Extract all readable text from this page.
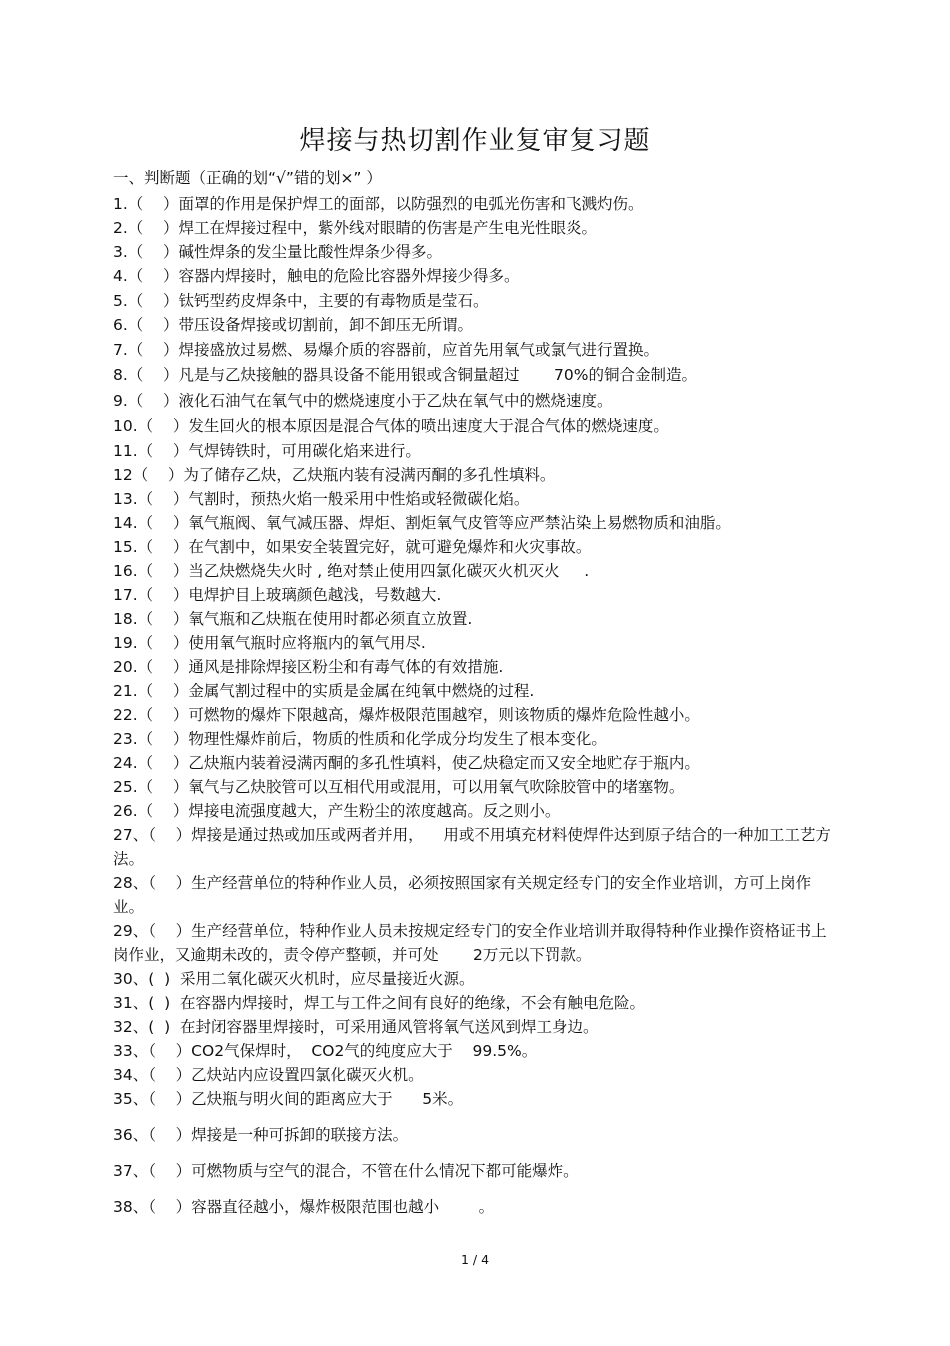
焊接与热切割作业复审复习题
一、判断题（正确的划“√”错的划×” ）
1.（    ）面罩的作用是保护焊工的面部，以防强烈的电弧光伤害和飞溅灼伤。
2.（    ）焊工在焊接过程中，紫外线对眼睛的伤害是产生电光性眼炎。
3.（    ）碱性焊条的发尘量比酸性焊条少得多。
4.（    ）容器内焊接时，触电的危险比容器外焊接少得多。
5.（    ）钛钙型药皮焊条中，主要的有毒物质是莹石。
6.（    ）带压设备焊接或切割前，卸不卸压无所谓。
7.（    ）焊接盛放过易燃、易爆介质的容器前，应首先用氧气或氯气进行置换。
8.（    ）凡是与乙炔接触的器具设备不能用银或含铜量超过       70%的铜合金制造。
9.（    ）液化石油气在氧气中的燃烧速度小于乙炔在氧气中的燃烧速度。
10.（    ）发生回火的根本原因是混合气体的喷出速度大于混合气体的燃烧速度。
11.（    ）气焊铸铁时，可用碳化焰来进行。
12（    ）为了储存乙炔，乙炔瓶内装有浸满丙酮的多孔性填料。
13.（    ）气割时，预热火焰一般采用中性焰或轻微碳化焰。
14.（    ）氧气瓶阀、氧气减压器、焊炬、割炬氧气皮管等应严禁沾染上易燃物质和油脂。
15.（    ）在气割中，如果安全装置完好，就可避免爆炸和火灾事故。
16.（    ）当乙炔燃烧失火时 , 绝对禁止使用四氯化碳灭火机灭火     .
17.（    ）电焊护目上玻璃颜色越浅，号数越大.
18.（    ）氧气瓶和乙炔瓶在使用时都必须直立放置.
19.（    ）使用氧气瓶时应将瓶内的氧气用尽.
20.（    ）通风是排除焊接区粉尘和有毒气体的有效措施.
21.（    ）金属气割过程中的实质是金属在纯氧中燃烧的过程.
22.（    ）可燃物的爆炸下限越高，爆炸极限范围越窄，则该物质的爆炸危险性越小。
23.（    ）物理性爆炸前后，物质的性质和化学成分均发生了根本变化。
24.（    ）乙炔瓶内装着浸满丙酮的多孔性填料，使乙炔稳定而又安全地贮存于瓶内。
25.（    ）氧气与乙炔胶管可以互相代用或混用，可以用氧气吹除胶管中的堵塞物。
26.（    ）焊接电流强度越大，产生粉尘的浓度越高。反之则小。
27、（    ）焊接是通过热或加压或两者并用，    用或不用填充材料使焊件达到原子结合的一种加工工艺方法。
28、（    ）生产经营单位的特种作业人员，必须按照国家有关规定经专门的安全作业培训，方可上岗作业。
29、（    ）生产经营单位，特种作业人员未按规定经专门的安全作业培训并取得特种作业操作资格证书上岗作业，又逾期未改的，责令停产整顿，并可处       2万元以下罚款。
30、(  )  采用二氧化碳灭火机时，应尽量接近火源。
31、(  )  在容器内焊接时，焊工与工件之间有良好的绝缘，不会有触电危险。
32、(  )  在封闭容器里焊接时，可采用通风管将氧气送风到焊工身边。
33、（    ）CO2气保焊时，  CO2气的纯度应大于    99.5%。
34、（    ）乙炔站内应设置四氯化碳灭火机。
35、（    ）乙炔瓶与明火间的距离应大于      5米。
36、（    ）焊接是一种可拆卸的联接方法。
37、（    ）可燃物质与空气的混合，不管在什么情况下都可能爆炸。
38、（    ）容器直径越小，爆炸极限范围也越小        。
1 / 4
